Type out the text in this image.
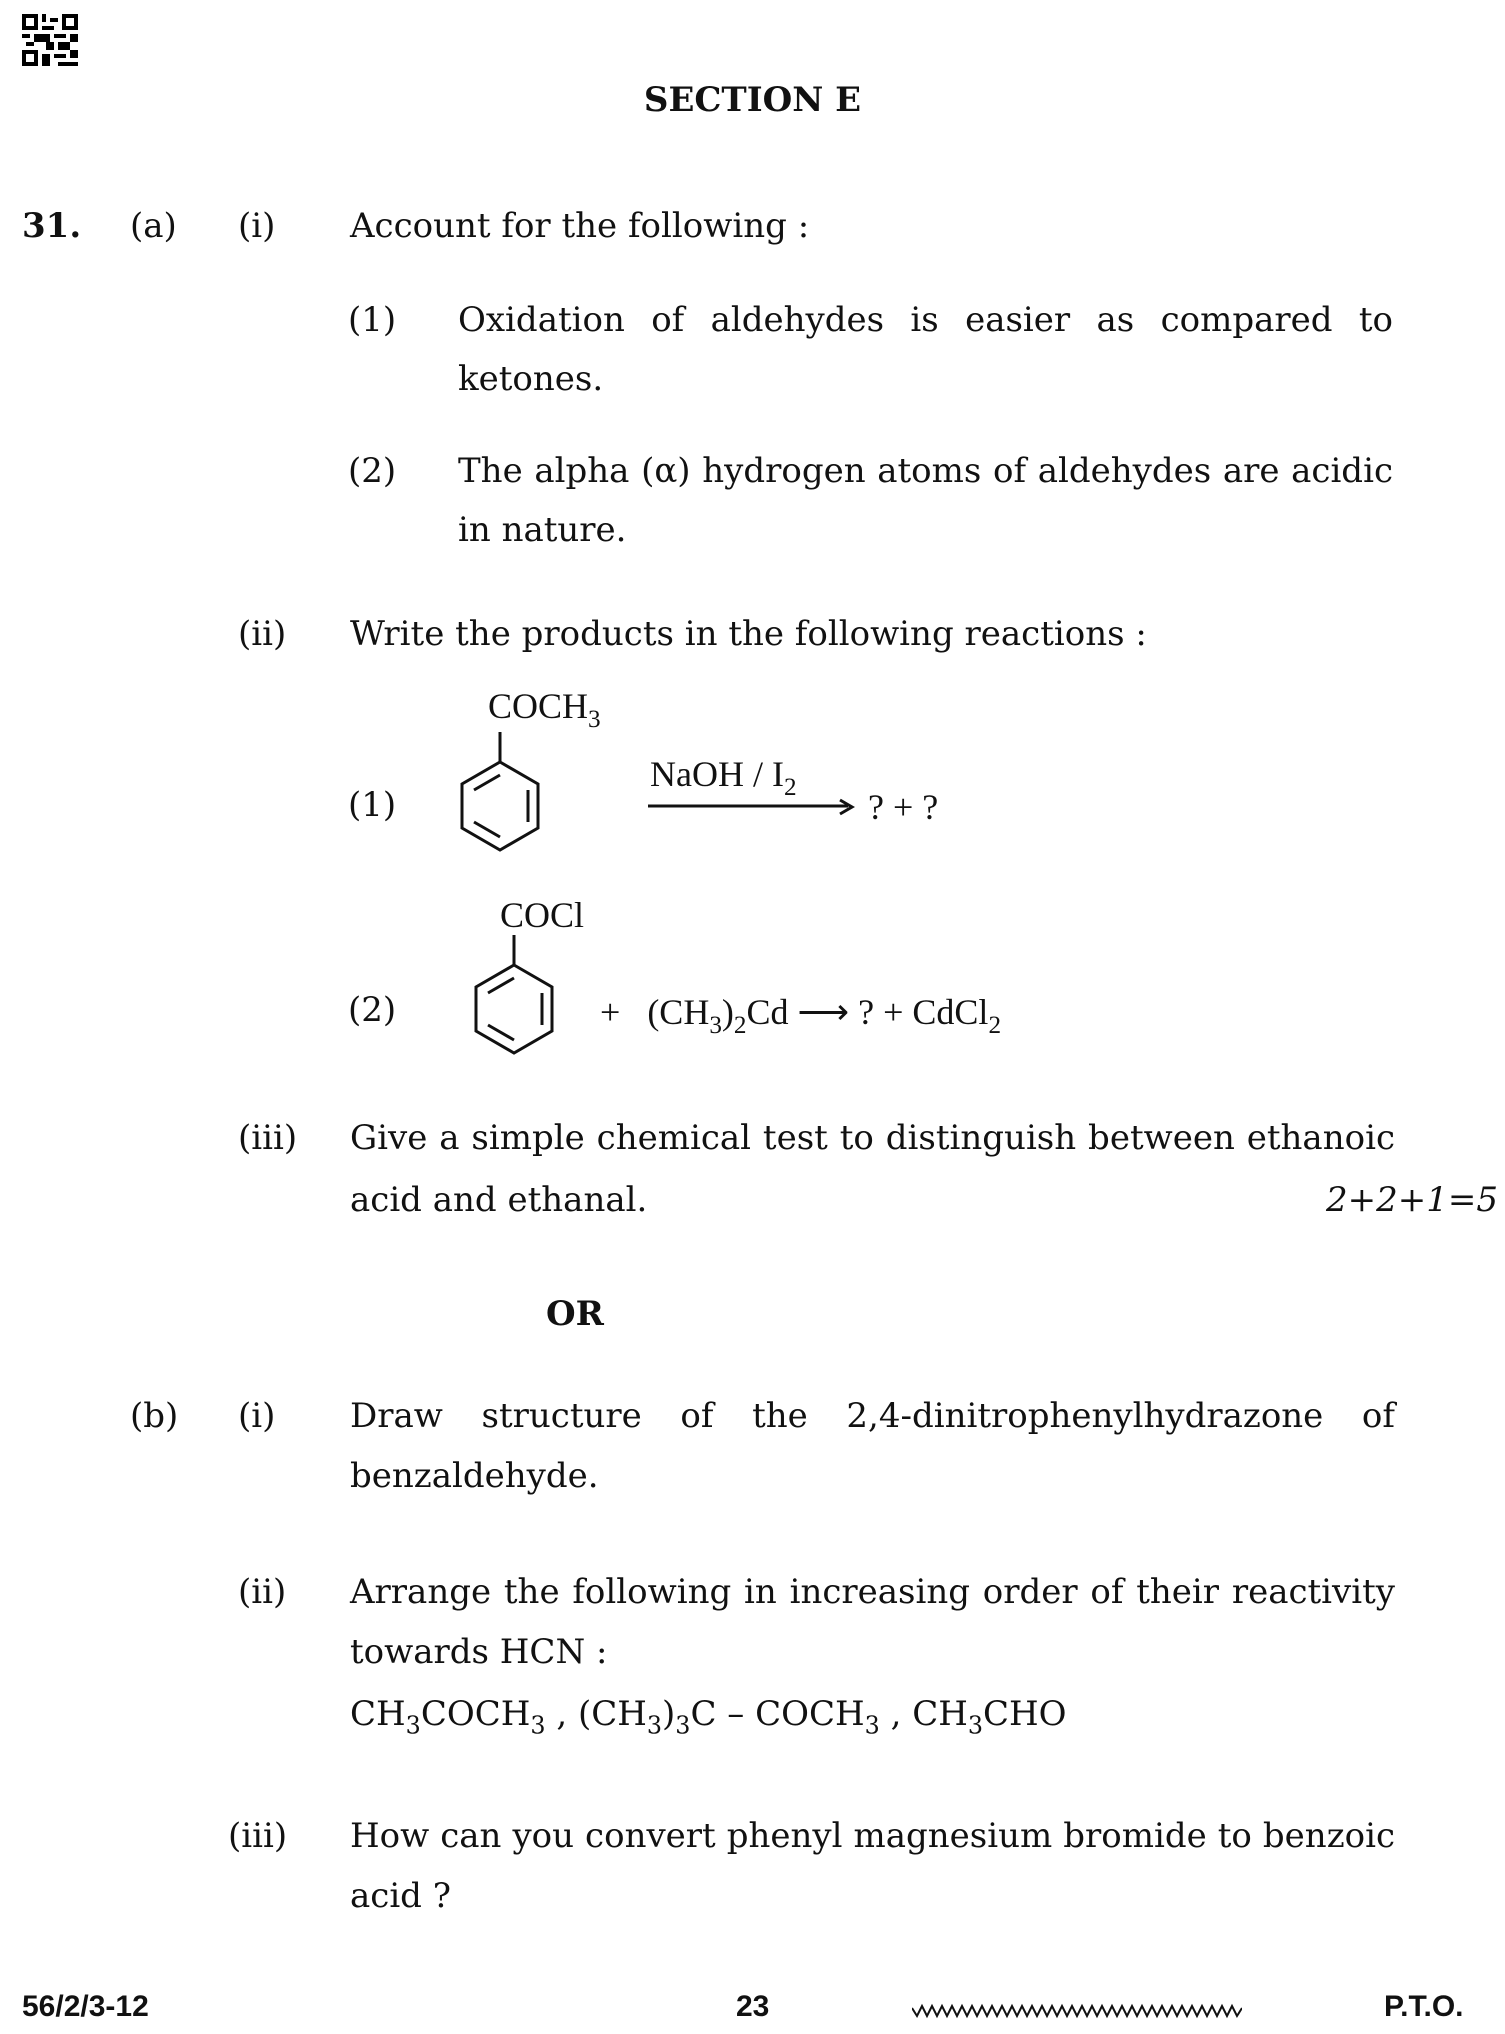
SECTION E
31. (a) (i) Account for the following :
(1) Oxidation of aldehydes is easier as compared to
ketones.
(2) The alpha (α) hydrogen atoms of aldehydes are acidic
in nature.
(ii) Write the products in the following reactions :
(1)
$COCH_3$
NaOH / $I_2$ ? + ?
(2)
COCl
+ $(CH_3)_2Cd$ ⟶ ? + CdCl$_2$
(iii) Give a simple chemical test to distinguish between ethanoic
acid and ethanal.	2+2+1=5
OR
(b) (i) Draw structure of the 2,4-dinitrophenylhydrazone of
benzaldehyde.
(ii) Arrange the following in increasing order of their reactivity
towards HCN :
$CH_3COCH_3$ , $(CH_3)_3C$ – $COCH_3$ , $CH_3CHO$
(iii) How can you convert phenyl magnesium bromide to benzoic
acid ?
56/2/3-12	23	P.T.O.
